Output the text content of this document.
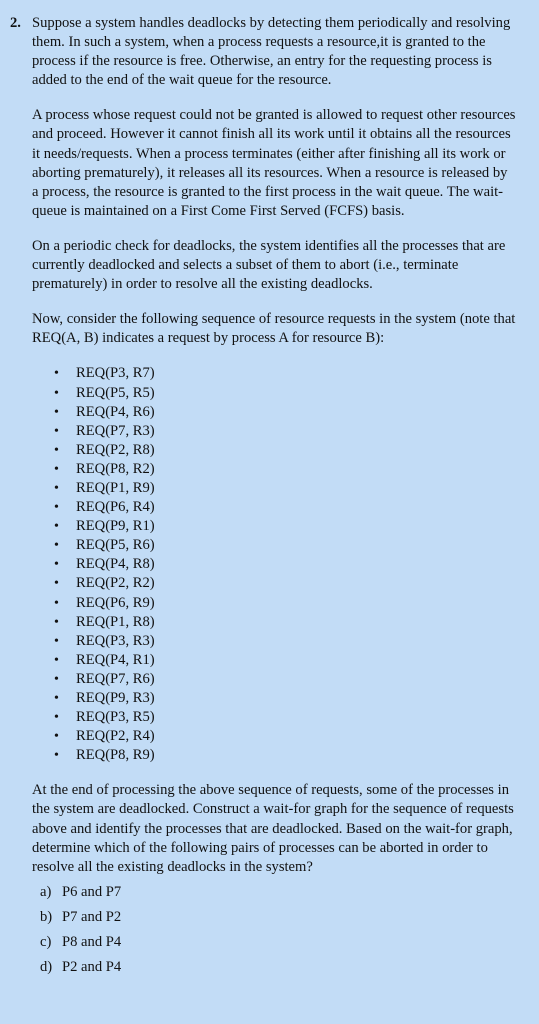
2. Suppose a system handles deadlocks by detecting them periodically and resolving them. In such a system, when a process requests a resource,it is granted to the process if the resource is free. Otherwise, an entry for the requesting process is added to the end of the wait queue for the resource.

A process whose request could not be granted is allowed to request other resources and proceed. However it cannot finish all its work until it obtains all the resources it needs/requests. When a process terminates (either after finishing all its work or aborting prematurely), it releases all its resources. When a resource is released by a process, the resource is granted to the first process in the wait queue. The wait-queue is maintained on a First Come First Served (FCFS) basis.

On a periodic check for deadlocks, the system identifies all the processes that are currently deadlocked and selects a subset of them to abort (i.e., terminate prematurely) in order to resolve all the existing deadlocks.

Now, consider the following sequence of resource requests in the system (note that REQ(A, B) indicates a request by process A for resource B):

•	REQ(P3, R7)
•	REQ(P5, R5)
•	REQ(P4, R6)
•	REQ(P7, R3)
•	REQ(P2, R8)
•	REQ(P8, R2)
•	REQ(P1, R9)
•	REQ(P6, R4)
•	REQ(P9, R1)
•	REQ(P5, R6)
•	REQ(P4, R8)
•	REQ(P2, R2)
•	REQ(P6, R9)
•	REQ(P1, R8)
•	REQ(P3, R3)
•	REQ(P4, R1)
•	REQ(P7, R6)
•	REQ(P9, R3)
•	REQ(P3, R5)
•	REQ(P2, R4)
•	REQ(P8, R9)

At the end of processing the above sequence of requests, some of the processes in the system are deadlocked. Construct a wait-for graph for the sequence of requests above and identify the processes that are deadlocked. Based on the wait-for graph, determine which of the following pairs of processes can be aborted in order to resolve all the existing deadlocks in the system?

a) P6 and P7
b) P7 and P2
c) P8 and P4
d) P2 and P4
